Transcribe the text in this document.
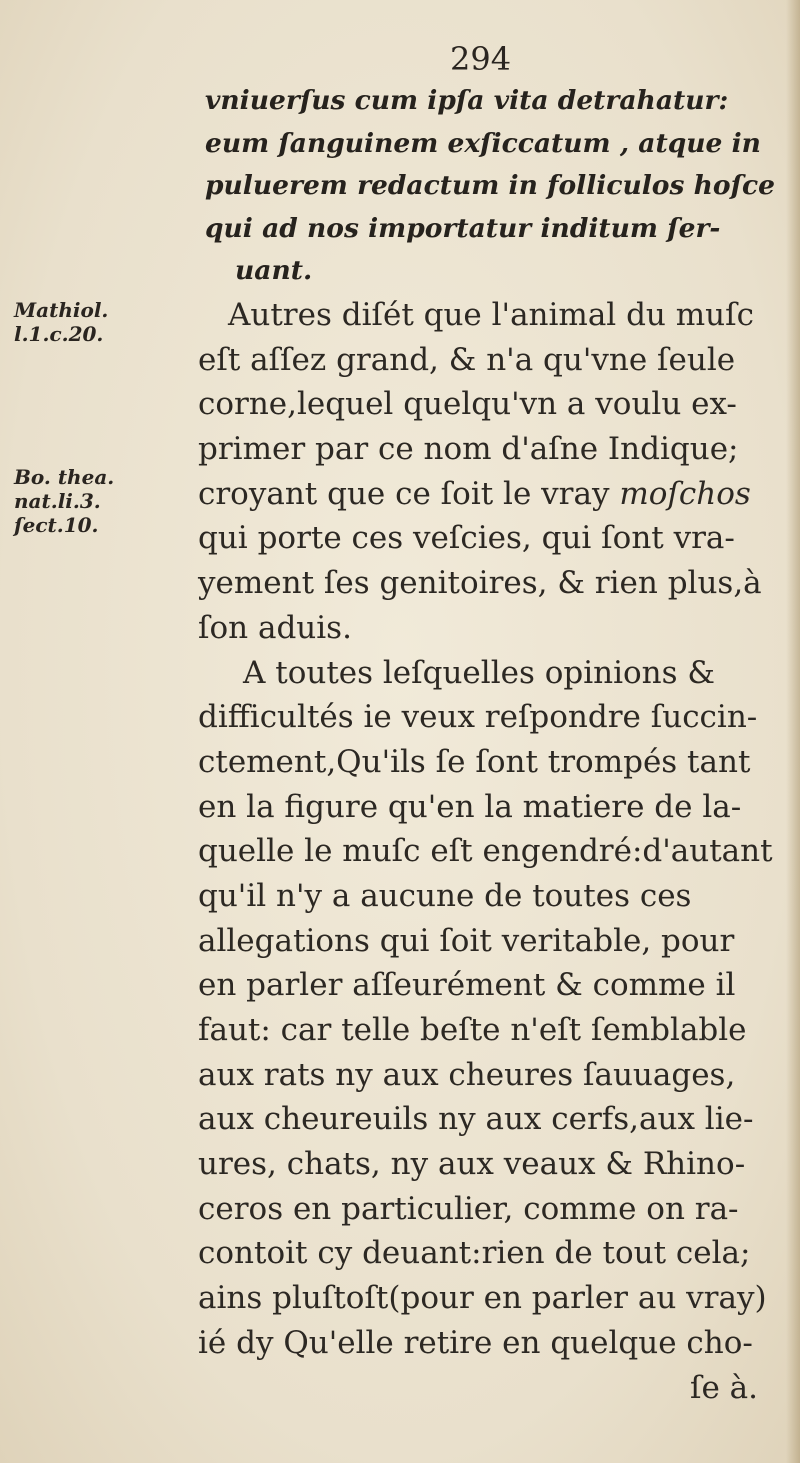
294
vniuerſus cum ipſa vita detrahatur:
eum ſanguinem exſiccatum , atque in
puluerem redactum in folliculos hoſce
qui ad nos importatur inditum ſer-
uant.
Mathiol.
l.1.c.20.
Bo. thea.
nat.li.3.
ſect.10.
Autres diſét que l'animal du muſc
eſt aſſez grand, & n'a qu'vne ſeule
corne,lequel quelqu'vn a voulu ex-
primer par ce nom d'aſne Indique;
croyant que ce ſoit le vray moſchos
qui porte ces veſcies, qui ſont vra-
yement ſes genitoires, & rien plus,à
ſon aduis.
A toutes leſquelles opinions &
difficultés ie veux reſpondre ſuccin-
ctement,Qu'ils ſe ſont trompés tant
en la figure qu'en la matiere de la-
quelle le muſc eſt engendré:d'autant
qu'il n'y a aucune de toutes ces
allegations qui ſoit veritable, pour
en parler aſſeurément & comme il
faut: car telle beſte n'eſt ſemblable
aux rats ny aux cheures ſauuages,
aux cheureuils ny aux cerfs,aux lie-
ures, chats, ny aux veaux & Rhino-
ceros en particulier, comme on ra-
contoit cy deuant:rien de tout cela;
ains pluſtoſt(pour en parler au vray)
ié dy Qu'elle retire en quelque cho-
ſe à.
